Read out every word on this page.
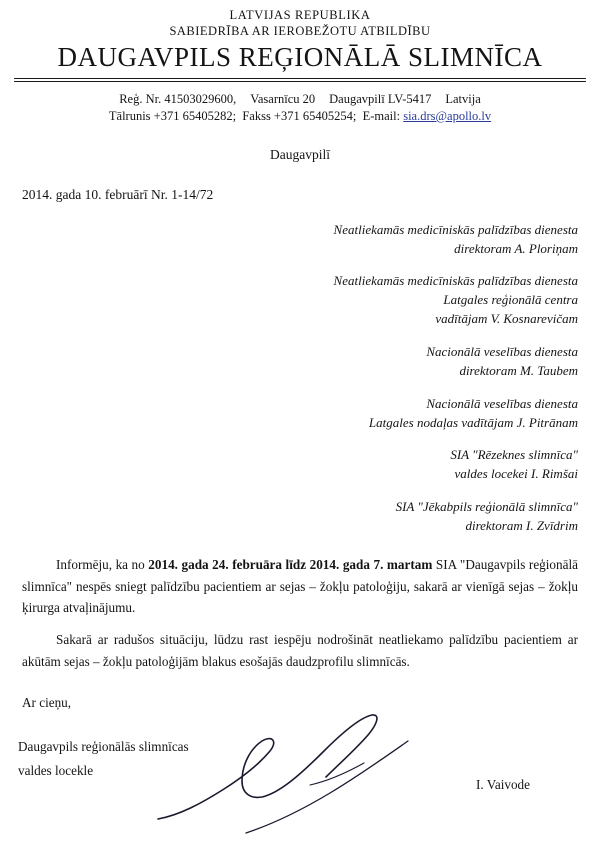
LATVIJAS REPUBLIKA
SABIEDRĪBA AR IEROBEŽOTU ATBILDĪBU
DAUGAVPILS REĢIONĀLĀ SLIMNĪCA
Reģ. Nr. 41503029600, Vasarnīcu 20 Daugavpilī LV-5417 Latvija
Tālrunis +371 65405282; Fakss +371 65405254; E-mail: sia.drs@apollo.lv
Daugavpilī
2014. gada 10. februārī Nr. 1-14/72
Neatliekamās medicīniskās palīdzības dienesta
direktoram A. Ploriņam
Neatliekamās medicīniskās palīdzības dienesta
Latgales reģionālā centra
vadītājam V. Kosnarevičam
Nacionālā veselības dienesta
direktoram M. Taubem
Nacionālā veselības dienesta
Latgales nodaļas vadītājam J. Pitrānam
SIA "Rēzeknes slimnīca"
valdes locekei I. Rimšai
SIA "Jēkabpils reģionālā slimnīca"
direktoram I. Zvīdrim

Informēju, ka no 2014. gada 24. februāra līdz 2014. gada 7. martam SIA "Daugavpils reģionālā slimnīca" nespēs sniegt palīdzību pacientiem ar sejas – žokļu patoloģiju, sakarā ar vienīgā sejas – žokļu ķirurga atvaļinājumu.

Sakarā ar radušos situāciju, lūdzu rast iespēju nodrošināt neatliekamo palīdzību pacientiem ar akūtām sejas – žokļu patoloģijām blakus esošajās daudzprofilu slimnīcās.

Ar cieņu,
Daugavpils reģionālās slimnīcas
valdes locekle
I. Vaivode
